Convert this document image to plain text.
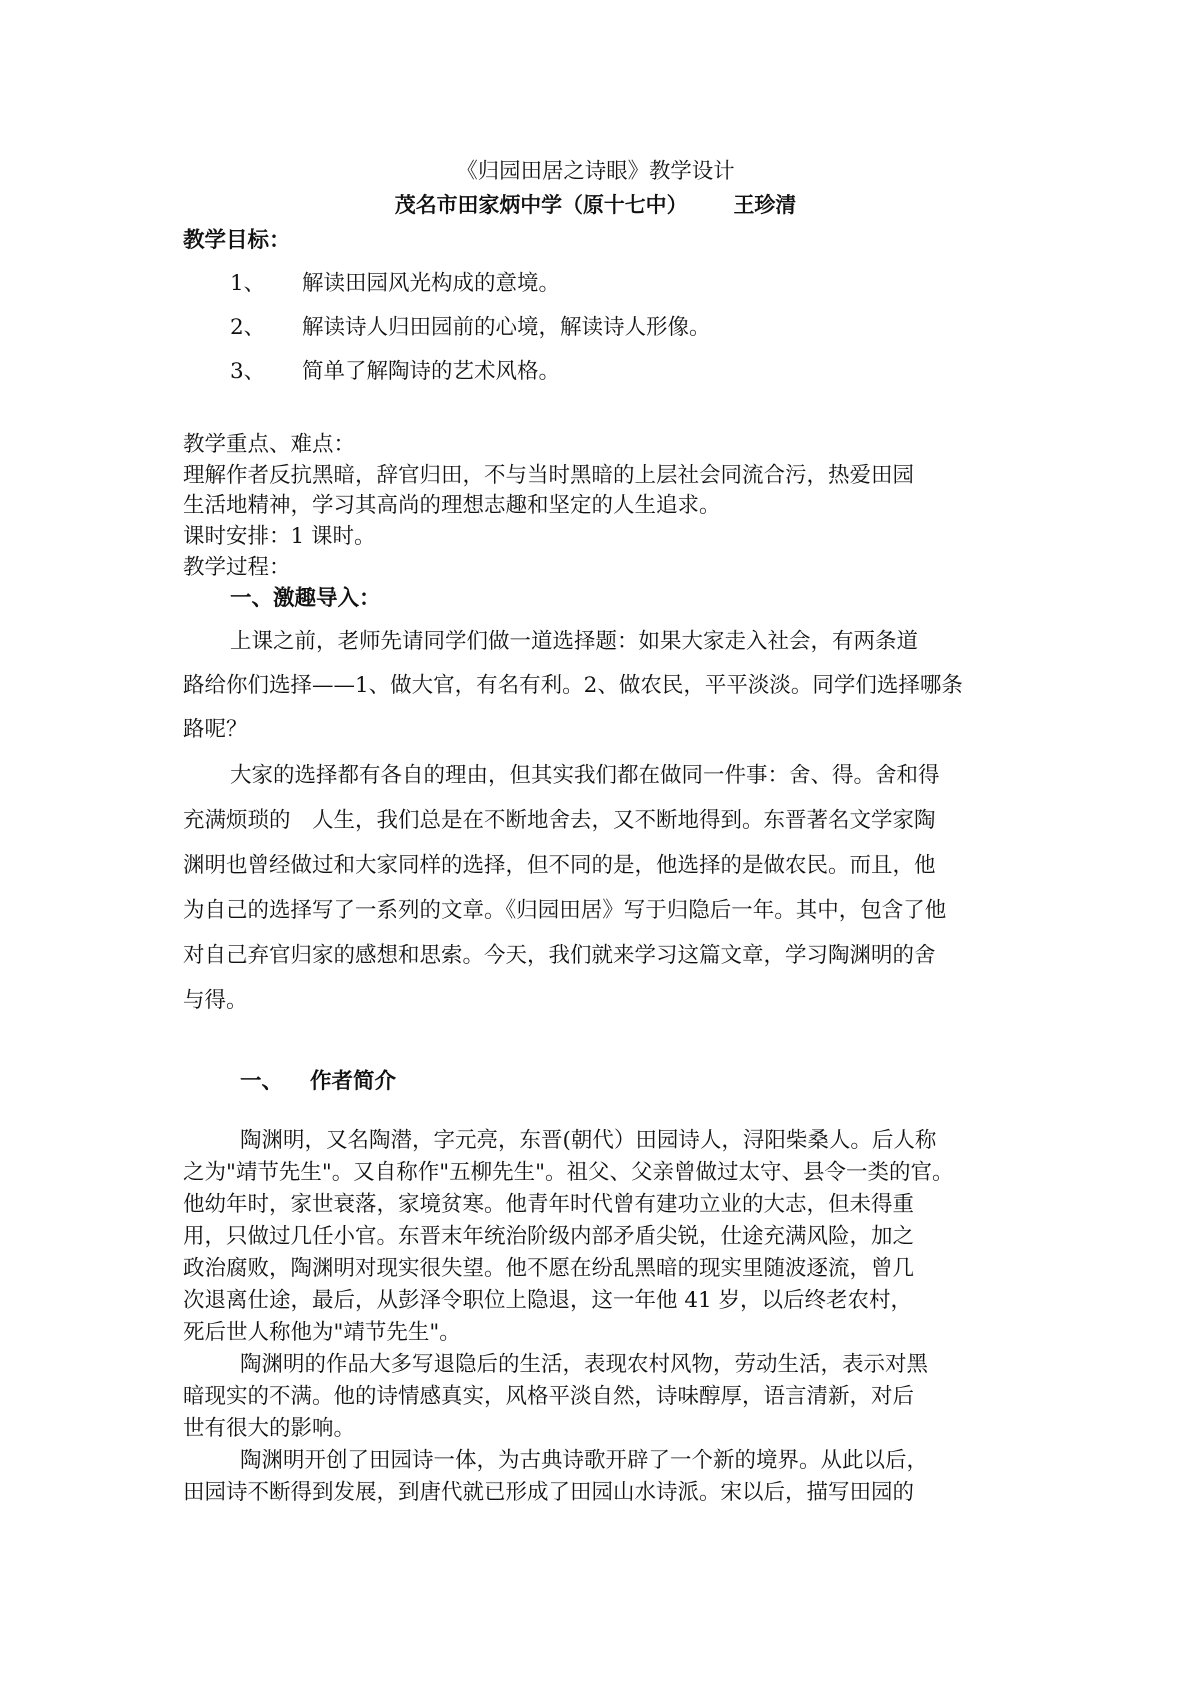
《归园田居之诗眼》教学设计

茂名市田家炳中学（原十七中） 王珍清

教学目标：

1、 解读田园风光构成的意境。

2、 解读诗人归田园前的心境，解读诗人形像。

3、 简单了解陶诗的艺术风格。

教学重点、难点：

理解作者反抗黑暗，辞官归田，不与当时黑暗的上层社会同流合污，热爱田园

生活地精神，学习其高尚的理想志趣和坚定的人生追求。

课时安排：1 课时。

教学过程：

一、激趣导入：

上课之前，老师先请同学们做一道选择题：如果大家走入社会，有两条道

路给你们选择——1、做大官，有名有利。2、做农民，平平淡淡。同学们选择哪条

路呢？

大家的选择都有各自的理由，但其实我们都在做同一件事：舍、得。舍和得

充满烦琐的　人生，我们总是在不断地舍去，又不断地得到。东晋著名文学家陶

渊明也曾经做过和大家同样的选择，但不同的是，他选择的是做农民。而且，他

为自己的选择写了一系列的文章。《归园田居》写于归隐后一年。其中，包含了他

对自己弃官归家的感想和思索。今天，我们就来学习这篇文章，学习陶渊明的舍

与得。

一、 作者简介

陶渊明，又名陶潜，字元亮，东晋(朝代）田园诗人，浔阳柴桑人。后人称

之为"靖节先生"。又自称作"五柳先生"。祖父、父亲曾做过太守、县令一类的官。

他幼年时，家世衰落，家境贫寒。他青年时代曾有建功立业的大志，但未得重

用，只做过几任小官。东晋末年统治阶级内部矛盾尖锐，仕途充满风险，加之

政治腐败，陶渊明对现实很失望。他不愿在纷乱黑暗的现实里随波逐流，曾几

次退离仕途，最后，从彭泽令职位上隐退，这一年他 41 岁，以后终老农村，

死后世人称他为"靖节先生"。

陶渊明的作品大多写退隐后的生活，表现农村风物，劳动生活，表示对黑

暗现实的不满。他的诗情感真实，风格平淡自然，诗味醇厚，语言清新，对后

世有很大的影响。

陶渊明开创了田园诗一体，为古典诗歌开辟了一个新的境界。从此以后，

田园诗不断得到发展，到唐代就已形成了田园山水诗派。宋以后，描写田园的
